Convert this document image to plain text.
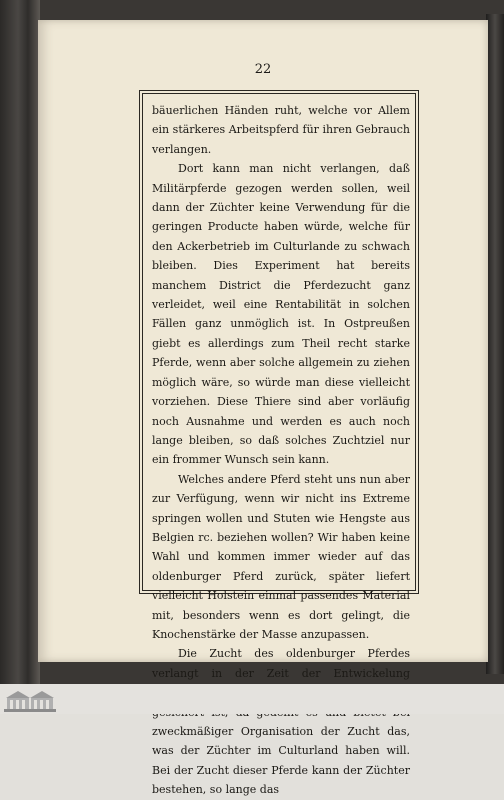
22

bäuerlichen Händen ruht, welche vor Allem ein stärkeres Arbeitspferd für ihren Gebrauch verlangen.

Dort kann man nicht verlangen, daß Militärpferde gezogen werden sollen, weil dann der Züchter keine Verwendung für die geringen Producte haben würde, welche für den Ackerbetrieb im Culturlande zu schwach bleiben. Dies Experiment hat bereits manchem District die Pferdezucht ganz verleidet, weil eine Rentabilität in solchen Fällen ganz unmöglich ist. In Ostpreußen giebt es allerdings zum Theil recht starke Pferde, wenn aber solche allgemein zu ziehen möglich wäre, so würde man diese vielleicht vorziehen. Diese Thiere sind aber vorläufig noch Ausnahme und werden es auch noch lange bleiben, so daß solches Zuchtziel nur ein frommer Wunsch sein kann.

Welches andere Pferd steht uns nun aber zur Verfügung, wenn wir nicht ins Extreme springen wollen und Stuten wie Hengste aus Belgien rc. beziehen wollen? Wir haben keine Wahl und kommen immer wieder auf das oldenburger Pferd zurück, später liefert vielleicht Holstein einmal passendes Material mit, besonders wenn es dort gelingt, die Knochenstärke der Masse anzupassen.

Die Zucht des oldenburger Pferdes verlangt in der Zeit der Entwickelung zweckmäßiger Organisation der Zucht das, was der Züchter im Culturland haben will. Bei der Zucht dieser Pferde kann der Züchter bestehen, so lange das
